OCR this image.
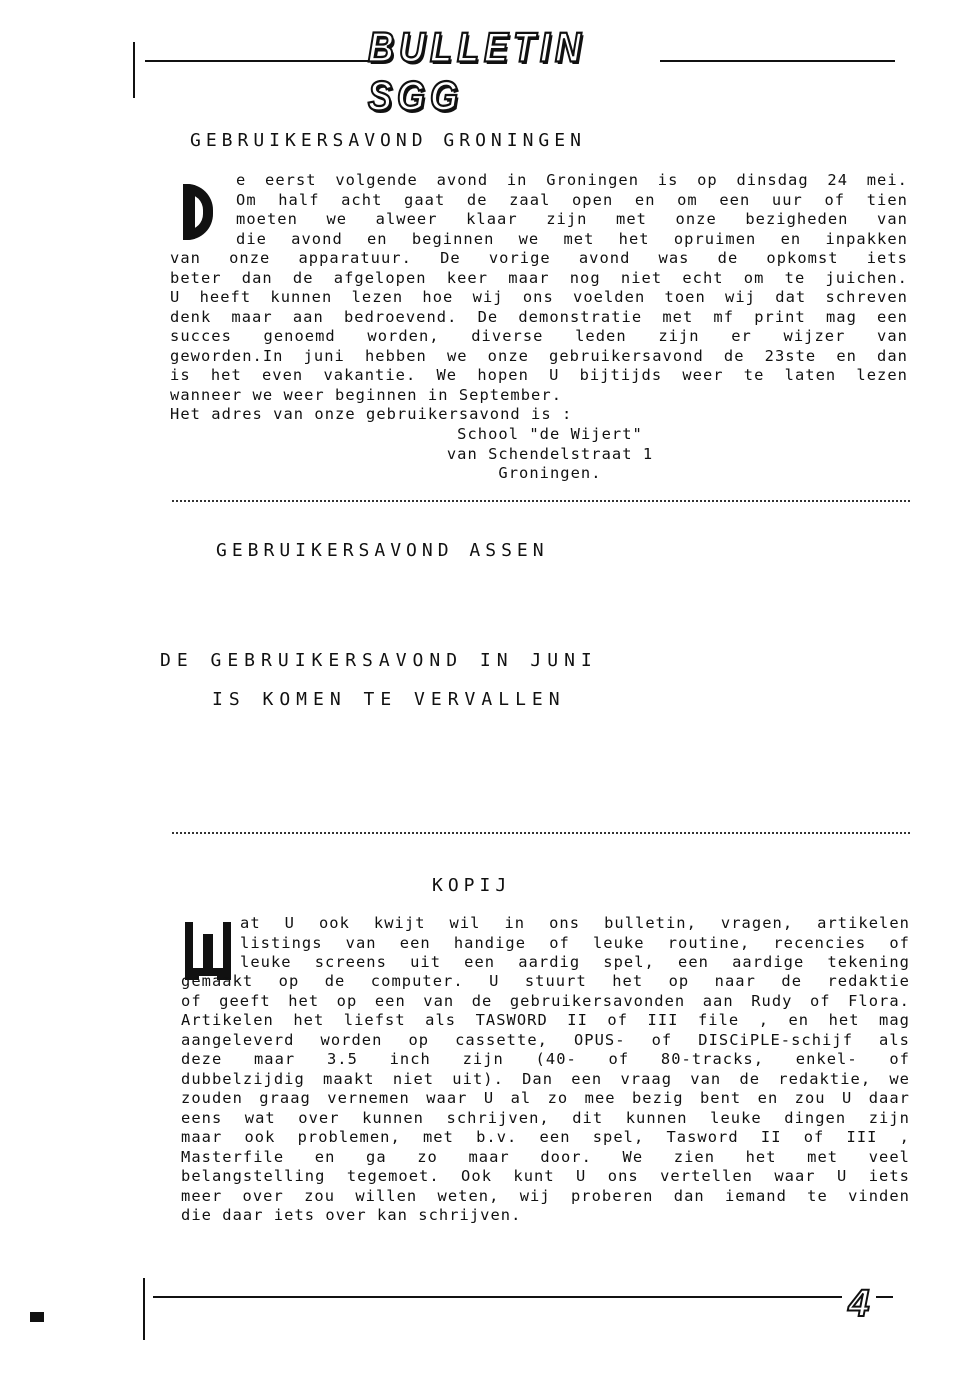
BULLETIN SGG
GEBRUIKERSAVOND GRONINGEN
e eerst volgende avond in Groningen is op dinsdag 24 mei.
Om half acht gaat de zaal open en om een uur of tien
moeten we alweer klaar zijn met onze bezigheden van
die avond en beginnen we met het opruimen en inpakken
van onze apparatuur. De vorige avond was de opkomst iets
beter dan de afgelopen keer maar nog niet echt om te juichen.
U heeft kunnen lezen hoe wij ons voelden toen wij dat schreven
denk maar aan bedroevend. De demonstratie met mf print mag een
succes genoemd worden, diverse leden zijn er wijzer van
geworden.In juni hebben we onze gebruikersavond de 23ste en dan
is het even vakantie. We hopen U bijtijds weer te laten lezen
wanneer we weer beginnen in September.
Het adres van onze gebruikersavond is :
School "de Wijert"
van Schendelstraat 1
Groningen.
GEBRUIKERSAVOND ASSEN
DE GEBRUIKERSAVOND IN JUNI
IS KOMEN TE VERVALLEN
KOPIJ
at U ook kwijt wil in ons bulletin, vragen, artikelen
listings van een handige of leuke routine, recencies of
leuke screens uit een aardig spel, een aardige tekening
gemaakt op de computer. U stuurt het op naar de redaktie
of geeft het op een van de gebruikersavonden aan Rudy of Flora.
Artikelen het liefst als TASWORD II of III file , en het mag
aangeleverd worden op cassette, OPUS- of DISCiPLE-schijf als
deze maar 3.5 inch zijn (40- of 80-tracks, enkel- of
dubbelzijdig maakt niet uit). Dan een vraag van de redaktie, we
zouden graag vernemen waar U al zo mee bezig bent en zou U daar
eens wat over kunnen schrijven, dit kunnen leuke dingen zijn
maar ook problemen, met b.v. een spel, Tasword II of III ,
Masterfile en ga zo maar door. We zien het met veel
belangstelling tegemoet. Ook kunt U ons vertellen waar U iets
meer over zou willen weten, wij proberen dan iemand te vinden
die daar iets over kan schrijven.
4
